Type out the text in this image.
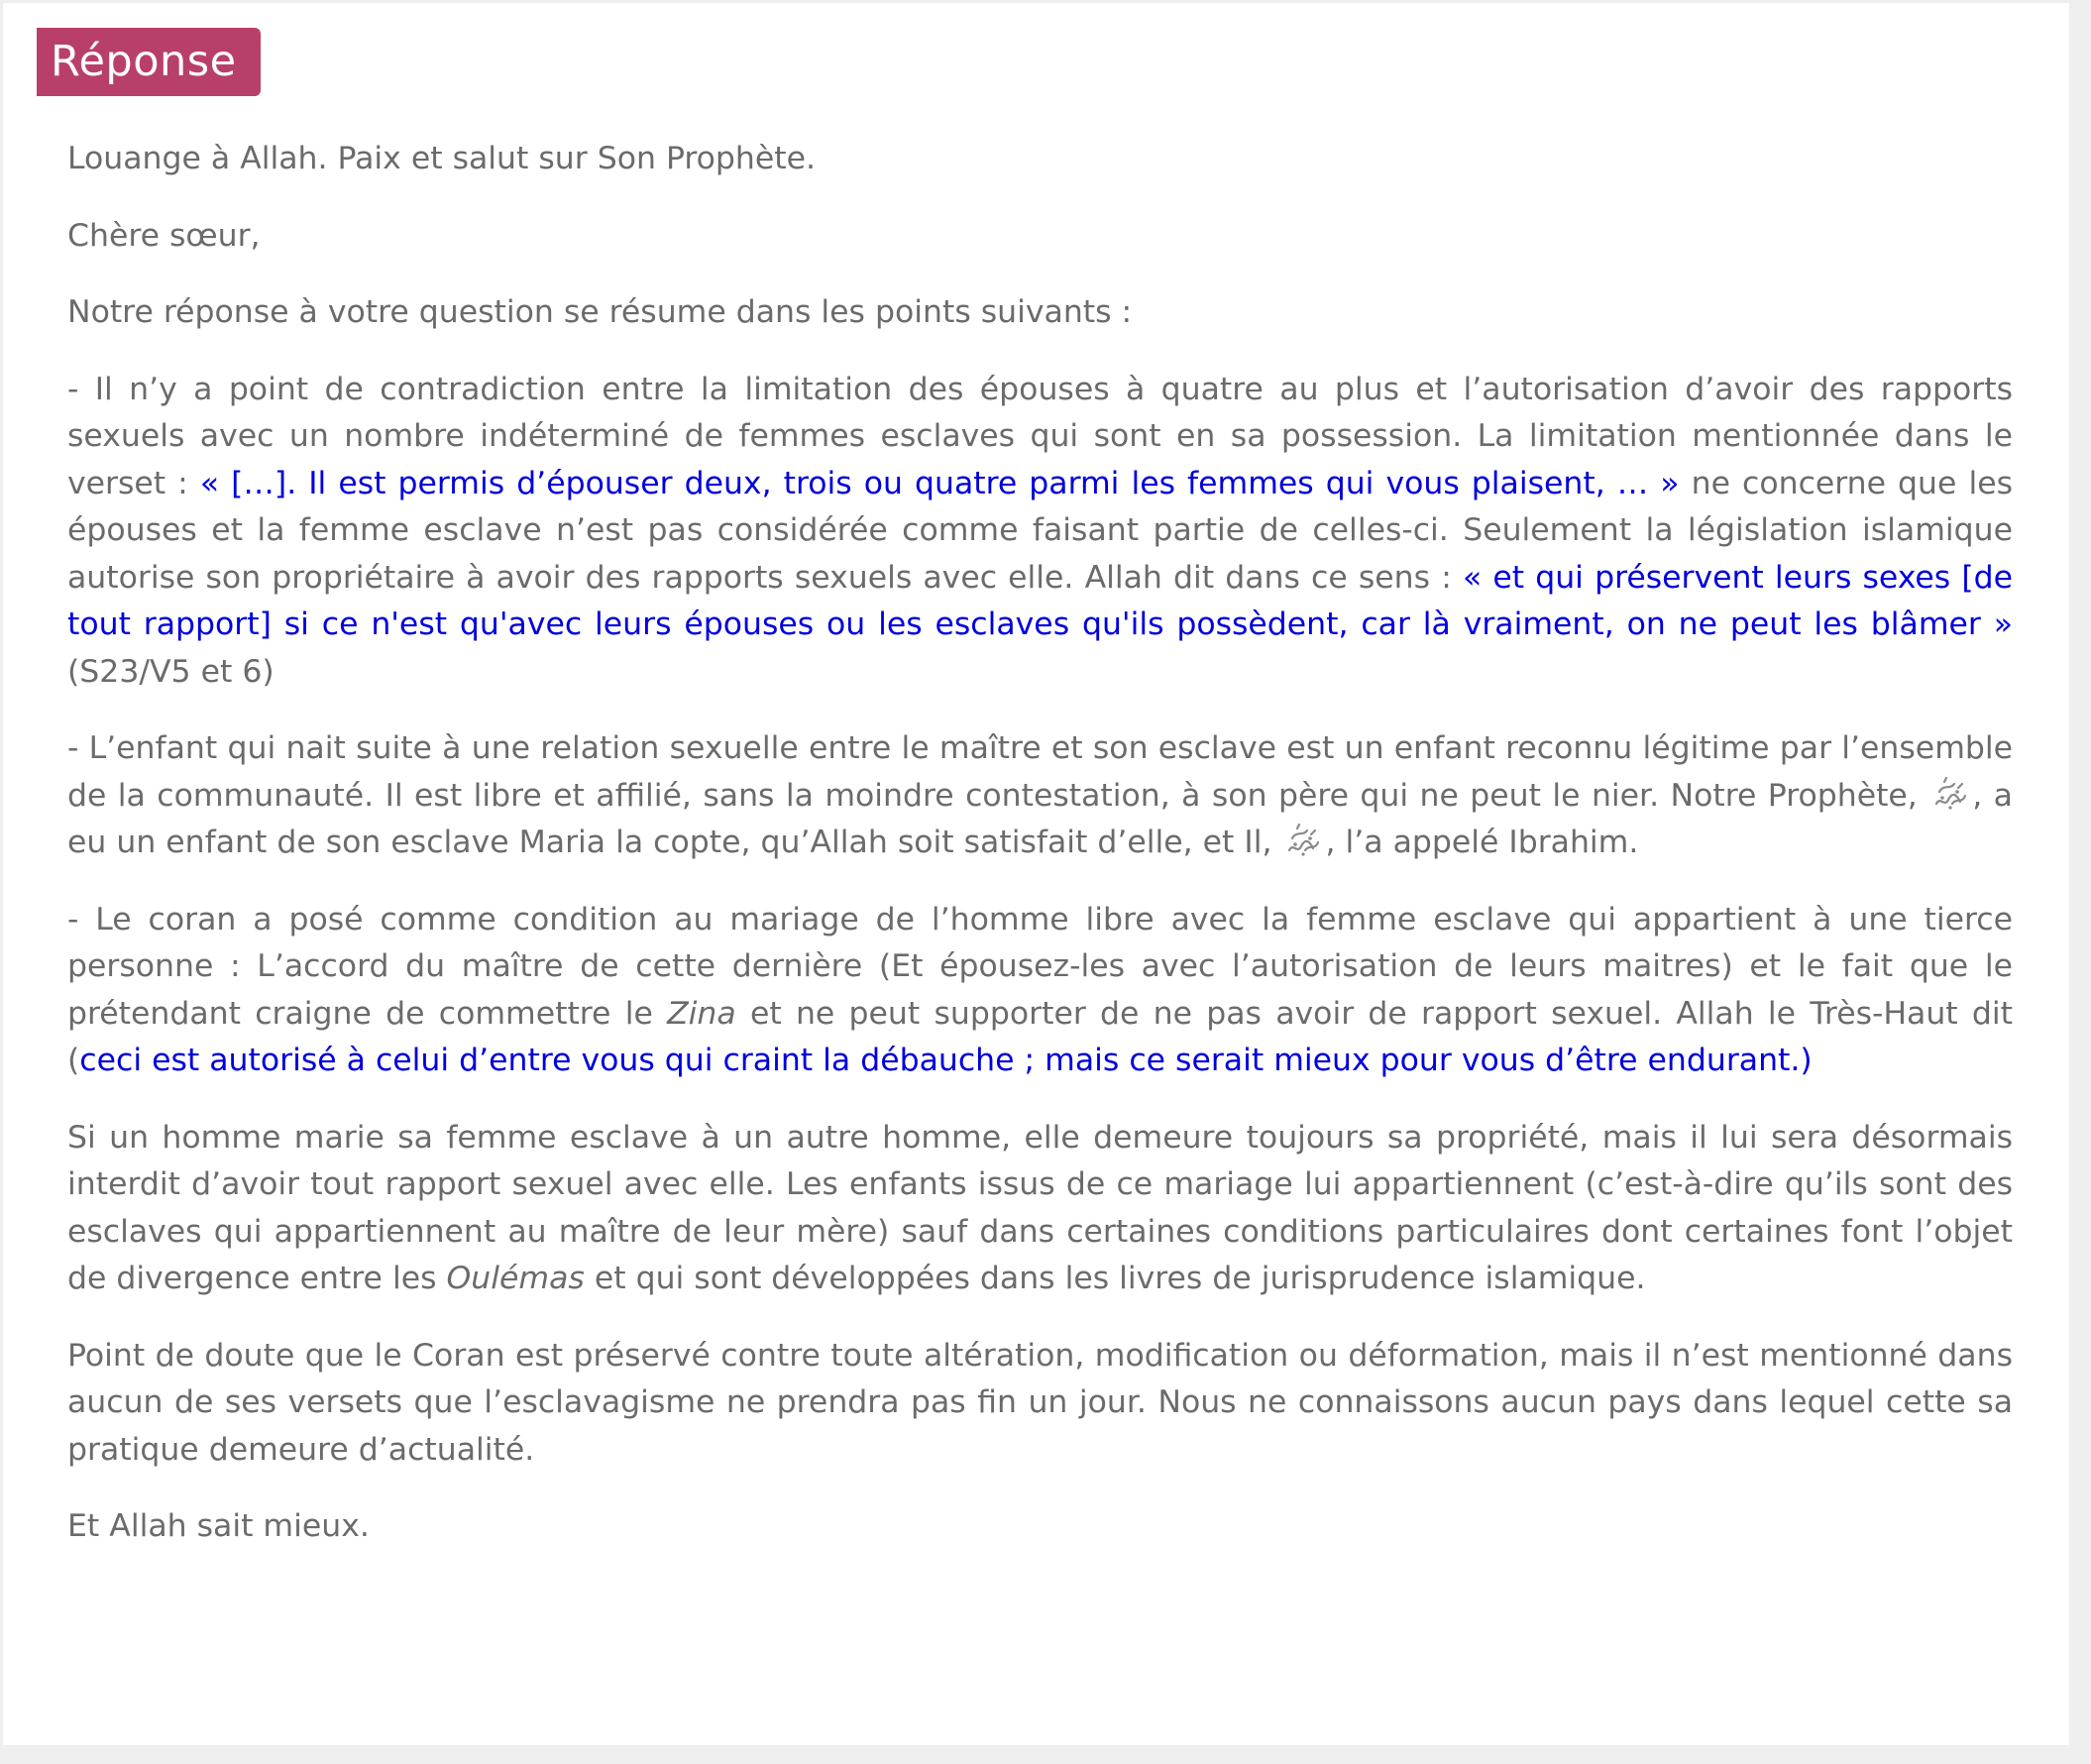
Réponse

Louange à Allah. Paix et salut sur Son Prophète.

Chère sœur,

Notre réponse à votre question se résume dans les points suivants :

- Il n’y a point de contradiction entre la limitation des épouses à quatre au plus et l’autorisation d’avoir des rapports sexuels avec un nombre indéterminé de femmes esclaves qui sont en sa possession. La limitation mentionnée dans le verset : « […]. Il est permis d’épouser deux, trois ou quatre parmi les femmes qui vous plaisent, … » ne concerne que les épouses et la femme esclave n’est pas considérée comme faisant partie de celles-ci. Seulement la législation islamique autorise son propriétaire à avoir des rapports sexuels avec elle. Allah dit dans ce sens : « et qui préservent leurs sexes [de tout rapport] si ce n'est qu'avec leurs épouses ou les esclaves qu'ils possèdent, car là vraiment, on ne peut les blâmer » (S23/V5 et 6)

- L’enfant qui nait suite à une relation sexuelle entre le maître et son esclave est un enfant reconnu légitime par l’ensemble de la communauté. Il est libre et affilié, sans la moindre contestation, à son père qui ne peut le nier. Notre Prophète, , a eu un enfant de son esclave Maria la copte, qu’Allah soit satisfait d’elle, et Il, , l’a appelé Ibrahim.

- Le coran a posé comme condition au mariage de l’homme libre avec la femme esclave qui appartient à une tierce personne : L’accord du maître de cette dernière (Et épousez-les avec l’autorisation de leurs maitres) et le fait que le prétendant craigne de commettre le Zina et ne peut supporter de ne pas avoir de rapport sexuel. Allah le Très-Haut dit (ceci est autorisé à celui d’entre vous qui craint la débauche ; mais ce serait mieux pour vous d’être endurant.)

Si un homme marie sa femme esclave à un autre homme, elle demeure toujours sa propriété, mais il lui sera désormais interdit d’avoir tout rapport sexuel avec elle. Les enfants issus de ce mariage lui appartiennent (c’est-à-dire qu’ils sont des esclaves qui appartiennent au maître de leur mère) sauf dans certaines conditions particulaires dont certaines font l’objet de divergence entre les Oulémas et qui sont développées dans les livres de jurisprudence islamique.

Point de doute que le Coran est préservé contre toute altération, modification ou déformation, mais il n’est mentionné dans aucun de ses versets que l’esclavagisme ne prendra pas fin un jour. Nous ne connaissons aucun pays dans lequel cette sa pratique demeure d’actualité.

Et Allah sait mieux.
